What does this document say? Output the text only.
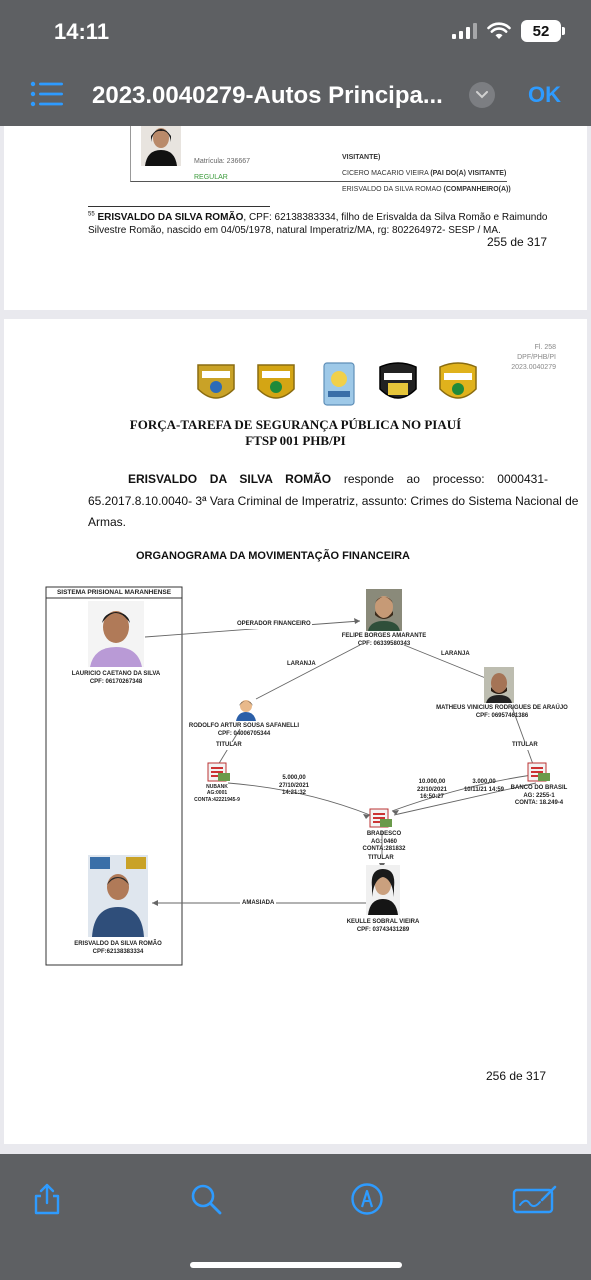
14:11	52
2023.0040279-Autos Principa...	OK
Matrícula: 236667
REGULAR
VISITANTE)
CICERO MACARIO VIEIRA (PAI DO(A) VISITANTE)
ERISVALDO DA SILVA ROMAO (COMPANHEIRO(A))
$^{55}$ ERISVALDO DA SILVA ROMÃO, CPF: 62138383334, filho de Erisvalda da Silva Romão e Raimundo
Silvestre Romão, nascido em 04/05/1978, natural Imperatriz/MA, rg: 802264972- SESP / MA.
255 de 317
Fl. 258
DPF/PHB/PI
2023.0040279
FORÇA-TAREFA DE SEGURANÇA PÚBLICA NO PIAUÍ
FTSP 001 PHB/PI
ERISVALDO DA SILVA ROMÃO responde ao processo: 0000431-
65.2017.8.10.0040- 3ª Vara Criminal de Imperatriz, assunto: Crimes do Sistema Nacional de
Armas.
ORGANOGRAMA DA MOVIMENTAÇÃO FINANCEIRA
SISTEMA PRISIONAL MARANHENSE
LAURICIO CAETANO DA SILVA
CPF: 06170267348
OPERADOR FINANCEIRO
FELIPE BORGES AMARANTE
CPF: 06339580343
LARANJA
LARANJA
RODOLFO ARTUR SOUSA SAFANELLI
CPF: 04006705344
MATHEUS VINICIUS RODRIGUES DE ARAÚJO
CPF: 06957461386
TITULAR	TITULAR
NUBANK
AG:0001
CONTA:42221945-9
5.000,00
27/10/2021
14:21:32
10.000,00
22/10/2021
16:50:27
3.000,00
10/11/21 14:59	BANCO DO BRASIL
AG: 2255-1
CONTA: 18.249-4
BRADESCO
AG: 0460
CONTA:281832
TITULAR
AMASIADA
ERISVALDO DA SILVA ROMÃO
CPF:62138383334
KEULLE SOBRAL VIEIRA
CPF: 03743431289
256 de 317
